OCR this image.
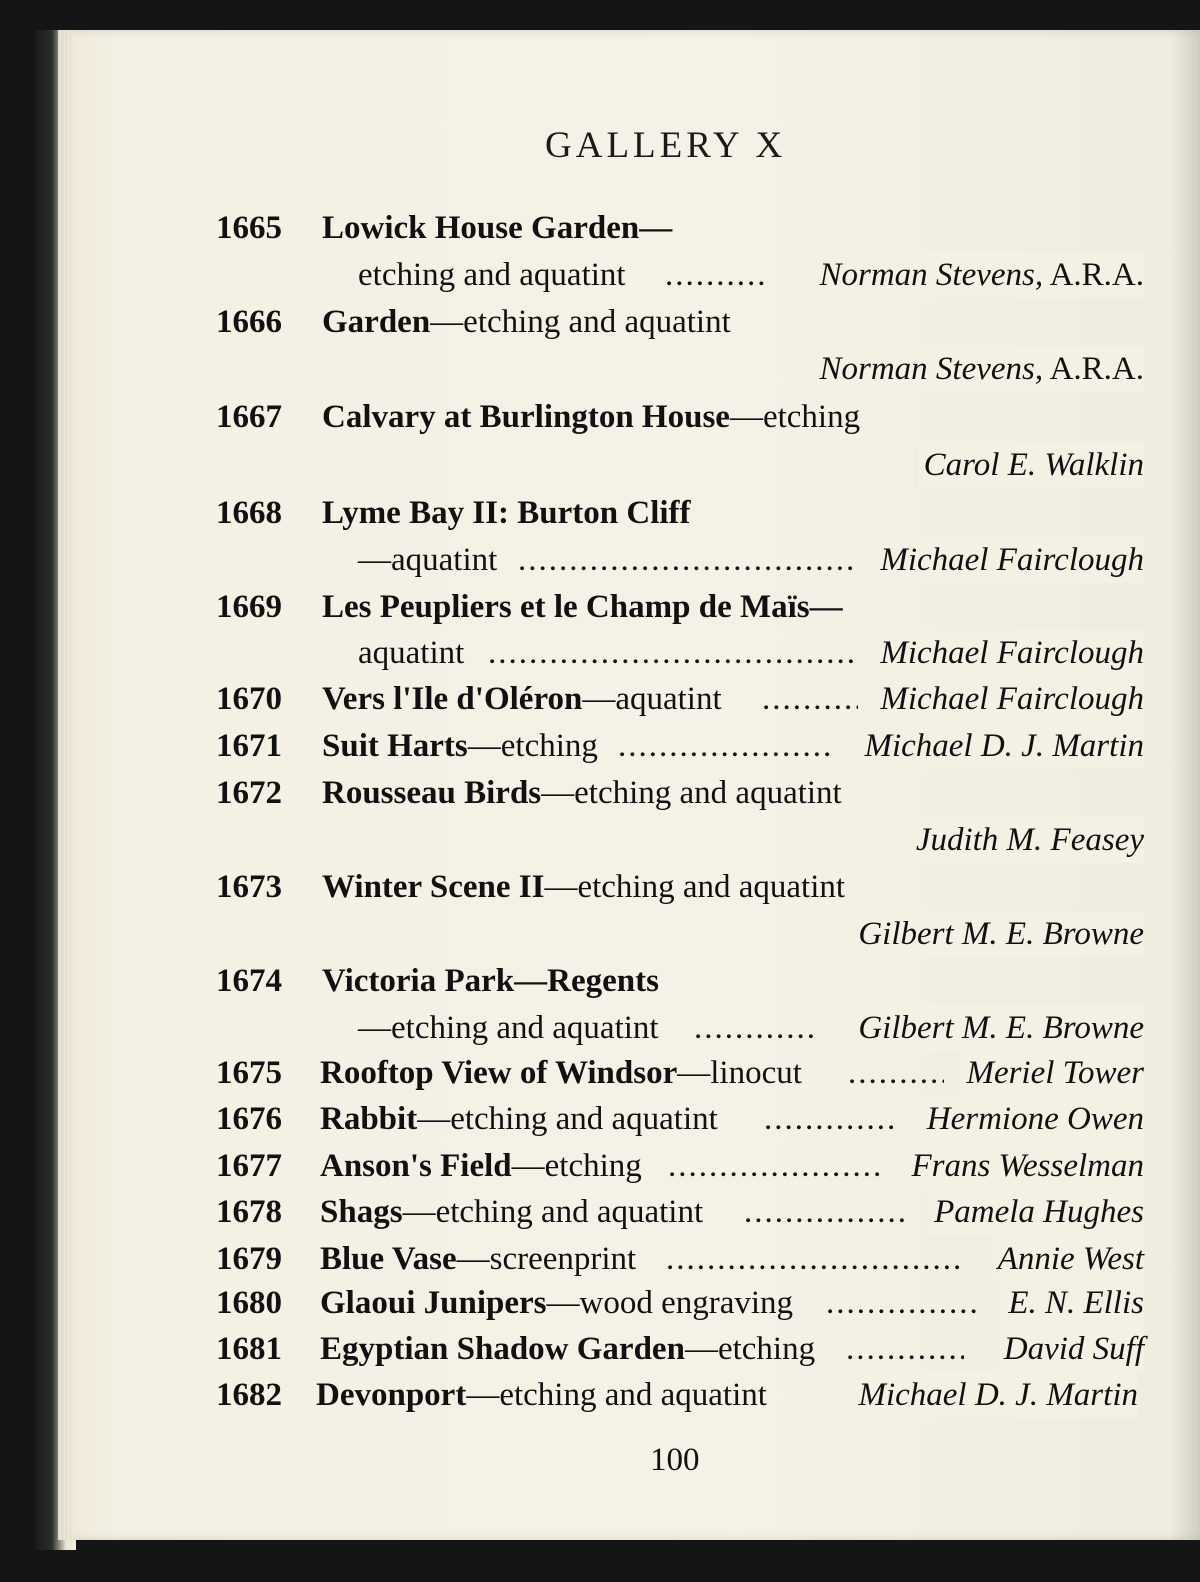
GALLERY X
1665 Lowick House Garden—
etching and aquatint .....	Norman Stevens, A.R.A.
1666 Garden—etching and aquatint
Norman Stevens, A.R.A.
1667 Calvary at Burlington House—etching
Carol E. Walklin
1668 Lyme Bay II: Burton Cliff
—aquatint .....	Michael Fairclough
1669 Les Peupliers et le Champ de Maïs—
aquatint .....	Michael Fairclough
1670 Vers l'Ile d'Oléron—aquatint .....	Michael Fairclough
1671 Suit Harts—etching .....	Michael D. J. Martin
1672 Rousseau Birds—etching and aquatint
Judith M. Feasey
1673 Winter Scene II—etching and aquatint
Gilbert M. E. Browne
1674 Victoria Park—Regents
—etching and aquatint .....	Gilbert M. E. Browne
1675 Rooftop View of Windsor—linocut .....	Meriel Tower
1676 Rabbit—etching and aquatint .....	Hermione Owen
1677 Anson's Field—etching .....	Frans Wesselman
1678 Shags—etching and aquatint .....	Pamela Hughes
1679 Blue Vase—screenprint .....	Annie West
1680 Glaoui Junipers—wood engraving .....	E. N. Ellis
1681 Egyptian Shadow Garden—etching .....	David Suff
1682 Devonport—etching and aquatint	Michael D. J. Martin
100
